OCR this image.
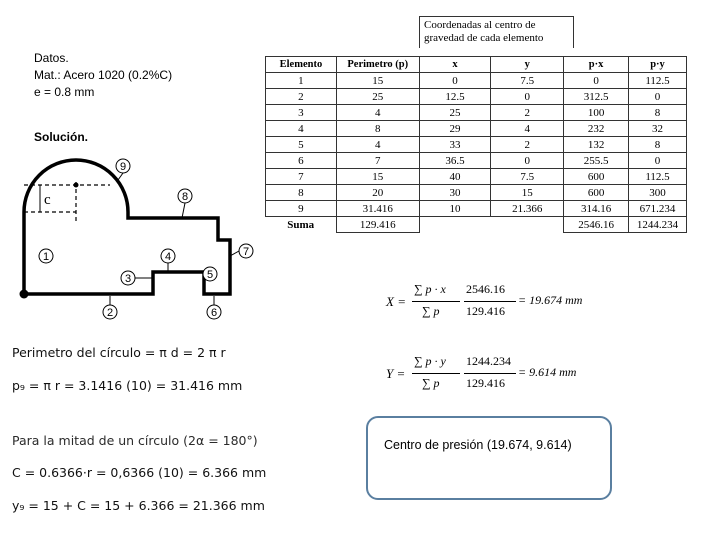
Datos.
Mat.: Acero 1020 (0.2%C)
e = 0.8 mm
Solución.
c
1
2
3
4
5
6
7
8
9
Perimetro del círculo = π d = 2 π r
p₉ = π r = 3.1416 (10) = 31.416 mm
Para la mitad de un círculo (2α = 180°)
C = 0.6366·r = 0,6366 (10) = 6.366 mm
y₉ = 15 + C = 15 + 6.366 = 21.366 mm
Coordenadas al centro de gravedad de cada elemento
Elemento	Perimetro (p)	x	y	p·x	p·y
1	15	0	7.5	0	112.5
2	25	12.5	0	312.5	0
3	4	25	2	100	8
4	8	29	4	232	32
5	4	33	2	132	8
6	7	36.5	0	255.5	0
7	15	40	7.5	600	112.5
8	20	30	15	600	300
9	31.416	10	21.366	314.16	671.234
Suma	129.416			2546.16	1244.234
X =
∑ p · x
∑ p
2546.16
129.416
= 19.674 mm
Y =
∑ p · y
∑ p
1244.234
129.416
= 9.614 mm
Centro de presión (19.674, 9.614)
